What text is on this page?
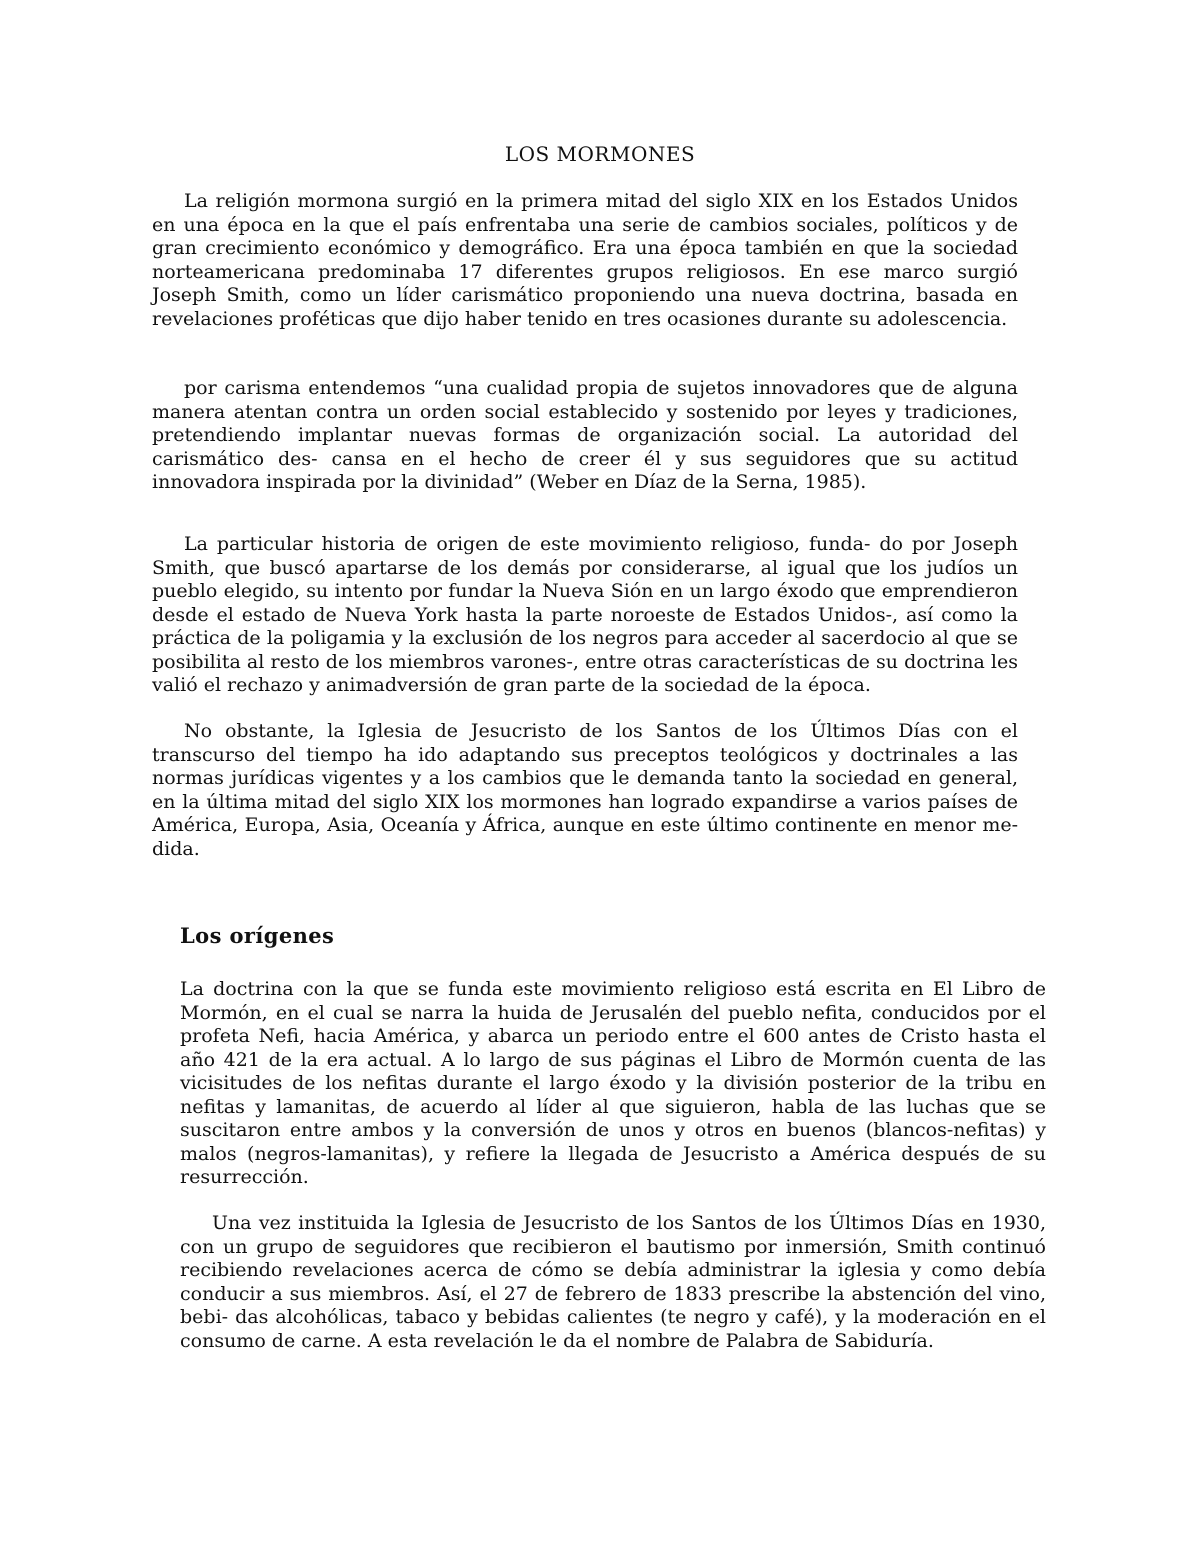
LOS MORMONES

La religión mormona surgió en la primera mitad del siglo XIX en los Estados Unidos en una época en la que el país enfrentaba una serie de cambios sociales, políticos y de gran crecimiento económico y demográfico. Era una época también en que la sociedad norteamericana predominaba 17 diferentes grupos religiosos. En ese marco surgió Joseph Smith, como un líder carismático proponiendo una nueva doctrina, basada en revelaciones proféticas que dijo haber tenido en tres ocasiones durante su adolescencia.

por carisma entendemos “una cualidad propia de sujetos innovadores que de alguna manera atentan contra un orden social establecido y sostenido por leyes y tradiciones, pretendiendo implantar nuevas formas de organización social. La autoridad del carismático des- cansa en el hecho de creer él y sus seguidores que su actitud innovadora inspirada por la divinidad” (Weber en Díaz de la Serna, 1985).

La particular historia de origen de este movimiento religioso, funda- do por Joseph Smith, que buscó apartarse de los demás por considerarse, al igual que los judíos un pueblo elegido, su intento por fundar la Nueva Sión en un largo éxodo que emprendieron desde el estado de Nueva York hasta la parte noroeste de Estados Unidos-, así como la práctica de la poligamia y la exclusión de los negros para acceder al sacerdocio al que se posibilita al resto de los miembros varones-, entre otras características de su doctrina les valió el rechazo y animadversión de gran parte de la sociedad de la época.

No obstante, la Iglesia de Jesucristo de los Santos de los Últimos Días con el transcurso del tiempo ha ido adaptando sus preceptos teológicos y doctrinales a las normas jurídicas vigentes y a los cambios que le demanda tanto la sociedad en general, en la última mitad del siglo XIX los mormones han logrado expandirse a varios países de América, Europa, Asia, Oceanía y África, aunque en este último continente en menor me- dida.

Los orígenes

La doctrina con la que se funda este movimiento religioso está escrita en El Libro de Mormón, en el cual se narra la huida de Jerusalén del pueblo nefita, conducidos por el profeta Nefi, hacia América, y abarca un periodo entre el 600 antes de Cristo hasta el año 421 de la era actual. A lo largo de sus páginas el Libro de Mormón cuenta de las vicisitudes de los nefitas durante el largo éxodo y la división posterior de la tribu en nefitas y lamanitas, de acuerdo al líder al que siguieron, habla de las luchas que se suscitaron entre ambos y la conversión de unos y otros en buenos (blancos-nefitas) y malos (negros-lamanitas), y refiere la llegada de Jesucristo a América después de su resurrección.

Una vez instituida la Iglesia de Jesucristo de los Santos de los Últimos Días en 1930, con un grupo de seguidores que recibieron el bautismo por inmersión, Smith continuó recibiendo revelaciones acerca de cómo se debía administrar la iglesia y como debía conducir a sus miembros. Así, el 27 de febrero de 1833 prescribe la abstención del vino, bebi- das alcohólicas, tabaco y bebidas calientes (te negro y café), y la moderación en el consumo de carne. A esta revelación le da el nombre de Palabra de Sabiduría.
